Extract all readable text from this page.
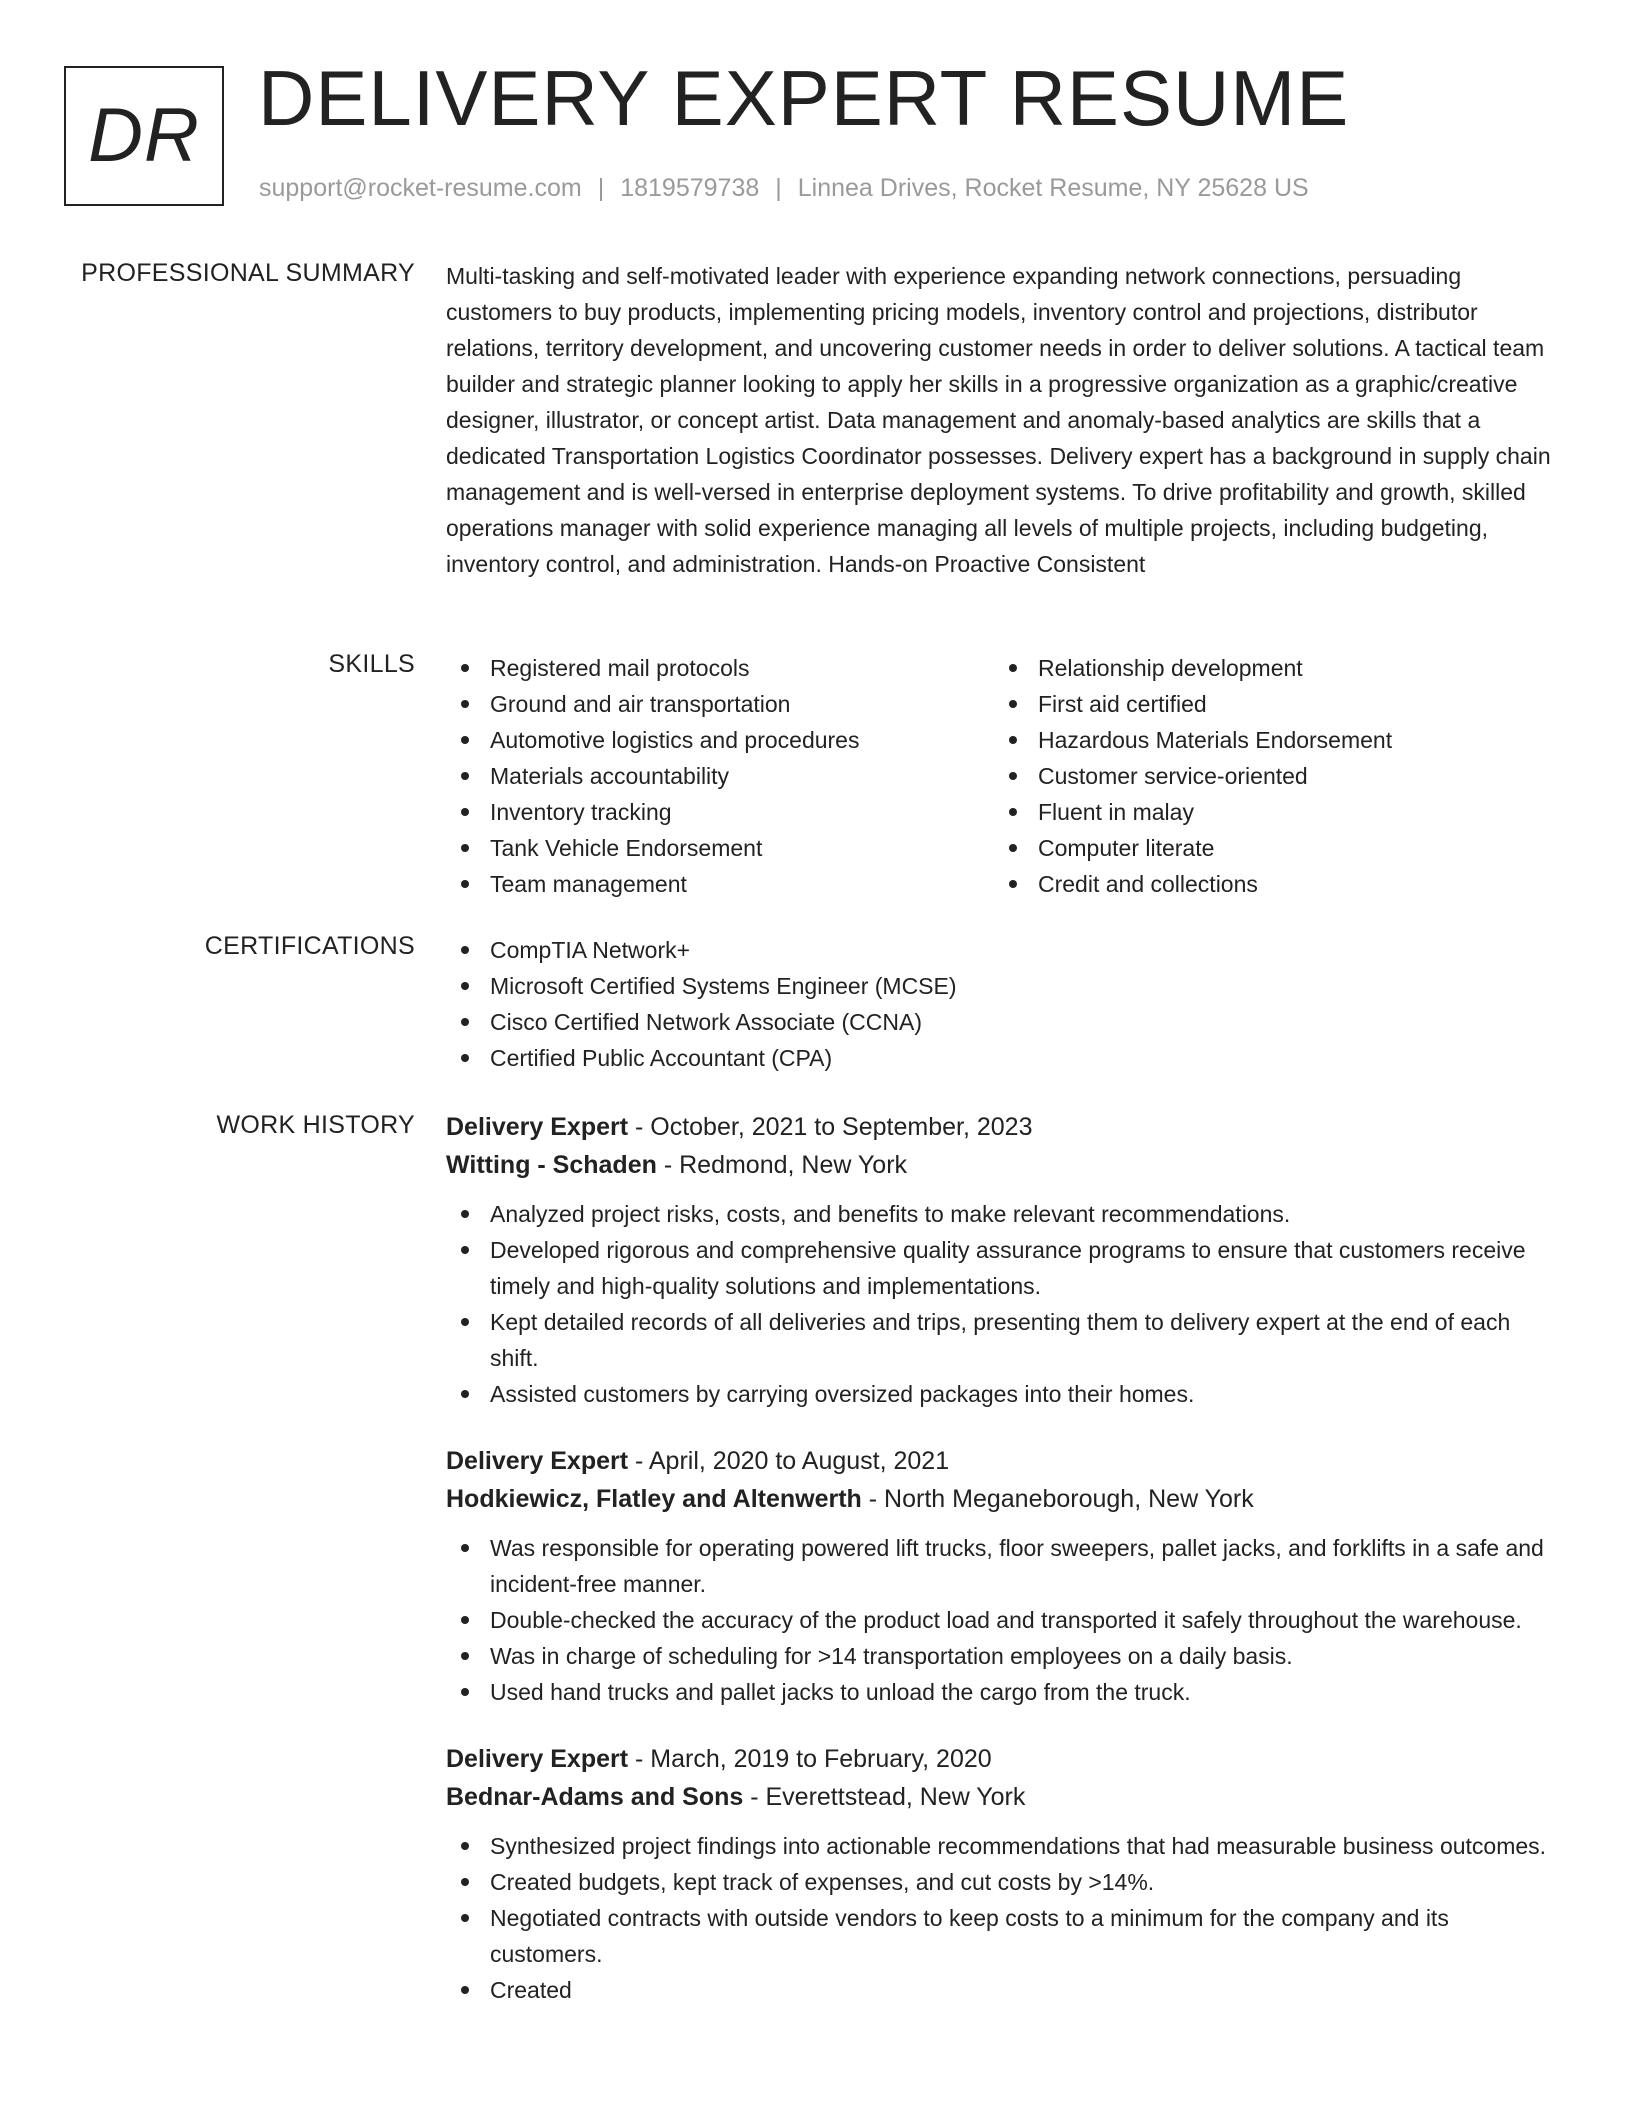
DR DELIVERY EXPERT RESUME
support@rocket-resume.com | 1819579738 | Linnea Drives, Rocket Resume, NY 25628 US
PROFESSIONAL SUMMARY Multi-tasking and self-motivated leader with experience expanding network connections, persuading customers to buy products, implementing pricing models, inventory control and projections, distributor relations, territory development, and uncovering customer needs in order to deliver solutions. A tactical team builder and strategic planner looking to apply her skills in a progressive organization as a graphic/creative designer, illustrator, or concept artist. Data management and anomaly-based analytics are skills that a dedicated Transportation Logistics Coordinator possesses. Delivery expert has a background in supply chain management and is well-versed in enterprise deployment systems. To drive profitability and growth, skilled operations manager with solid experience managing all levels of multiple projects, including budgeting, inventory control, and administration. Hands-on Proactive Consistent

SKILLS	Registered mail protocols
Ground and air transportation
Automotive logistics and procedures
Materials accountability
Inventory tracking
Tank Vehicle Endorsement
Team management
Relationship development
First aid certified
Hazardous Materials Endorsement
Customer service-oriented
Fluent in malay
Computer literate
Credit and collections
CERTIFICATIONS	CompTIA Network+
Microsoft Certified Systems Engineer (MCSE)
Cisco Certified Network Associate (CCNA)
Certified Public Accountant (CPA)
WORK HISTORY Delivery Expert - October, 2021 to September, 2023
Witting - Schaden - Redmond, New York
Analyzed project risks, costs, and benefits to make relevant recommendations.
Developed rigorous and comprehensive quality assurance programs to ensure that customers receive timely and high-quality solutions and implementations.
Kept detailed records of all deliveries and trips, presenting them to delivery expert at the end of each shift.
Assisted customers by carrying oversized packages into their homes.
Delivery Expert - April, 2020 to August, 2021
Hodkiewicz, Flatley and Altenwerth - North Meganeborough, New York
Was responsible for operating powered lift trucks, floor sweepers, pallet jacks, and forklifts in a safe and incident-free manner.
Double-checked the accuracy of the product load and transported it safely throughout the warehouse.
Was in charge of scheduling for >14 transportation employees on a daily basis.
Used hand trucks and pallet jacks to unload the cargo from the truck.
Delivery Expert - March, 2019 to February, 2020
Bednar-Adams and Sons - Everettstead, New York
Synthesized project findings into actionable recommendations that had measurable business outcomes.
Created budgets, kept track of expenses, and cut costs by >14%.
Negotiated contracts with outside vendors to keep costs to a minimum for the company and its customers.
Created
